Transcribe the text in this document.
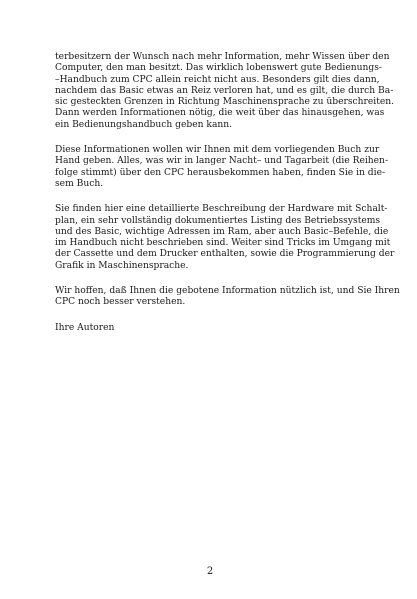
terbesitzern der Wunsch nach mehr Information, mehr Wissen über den
Computer, den man besitzt. Das wirklich lobenswert gute Bedienungs-
–Handbuch zum CPC allein reicht nicht aus. Besonders gilt dies dann,
nachdem das Basic etwas an Reiz verloren hat, und es gilt, die durch Ba-
sic gesteckten Grenzen in Richtung Maschinensprache zu überschreiten.
Dann werden Informationen nötig, die weit über das hinausgehen, was
ein Bedienungshandbuch geben kann.

Diese Informationen wollen wir Ihnen mit dem vorliegenden Buch zur
Hand geben. Alles, was wir in langer Nacht– und Tagarbeit (die Reihen-
folge stimmt) über den CPC herausbekommen haben, finden Sie in die-
sem Buch.

Sie finden hier eine detaillierte Beschreibung der Hardware mit Schalt-
plan, ein sehr vollständig dokumentiertes Listing des Betriebssystems
und des Basic, wichtige Adressen im Ram, aber auch Basic–Befehle, die
im Handbuch nicht beschrieben sind. Weiter sind Tricks im Umgang mit
der Cassette und dem Drucker enthalten, sowie die Programmierung der
Grafik in Maschinensprache.

Wir hoffen, daß Ihnen die gebotene Information nützlich ist, und Sie Ihren
CPC noch besser verstehen.

Ihre Autoren

2
